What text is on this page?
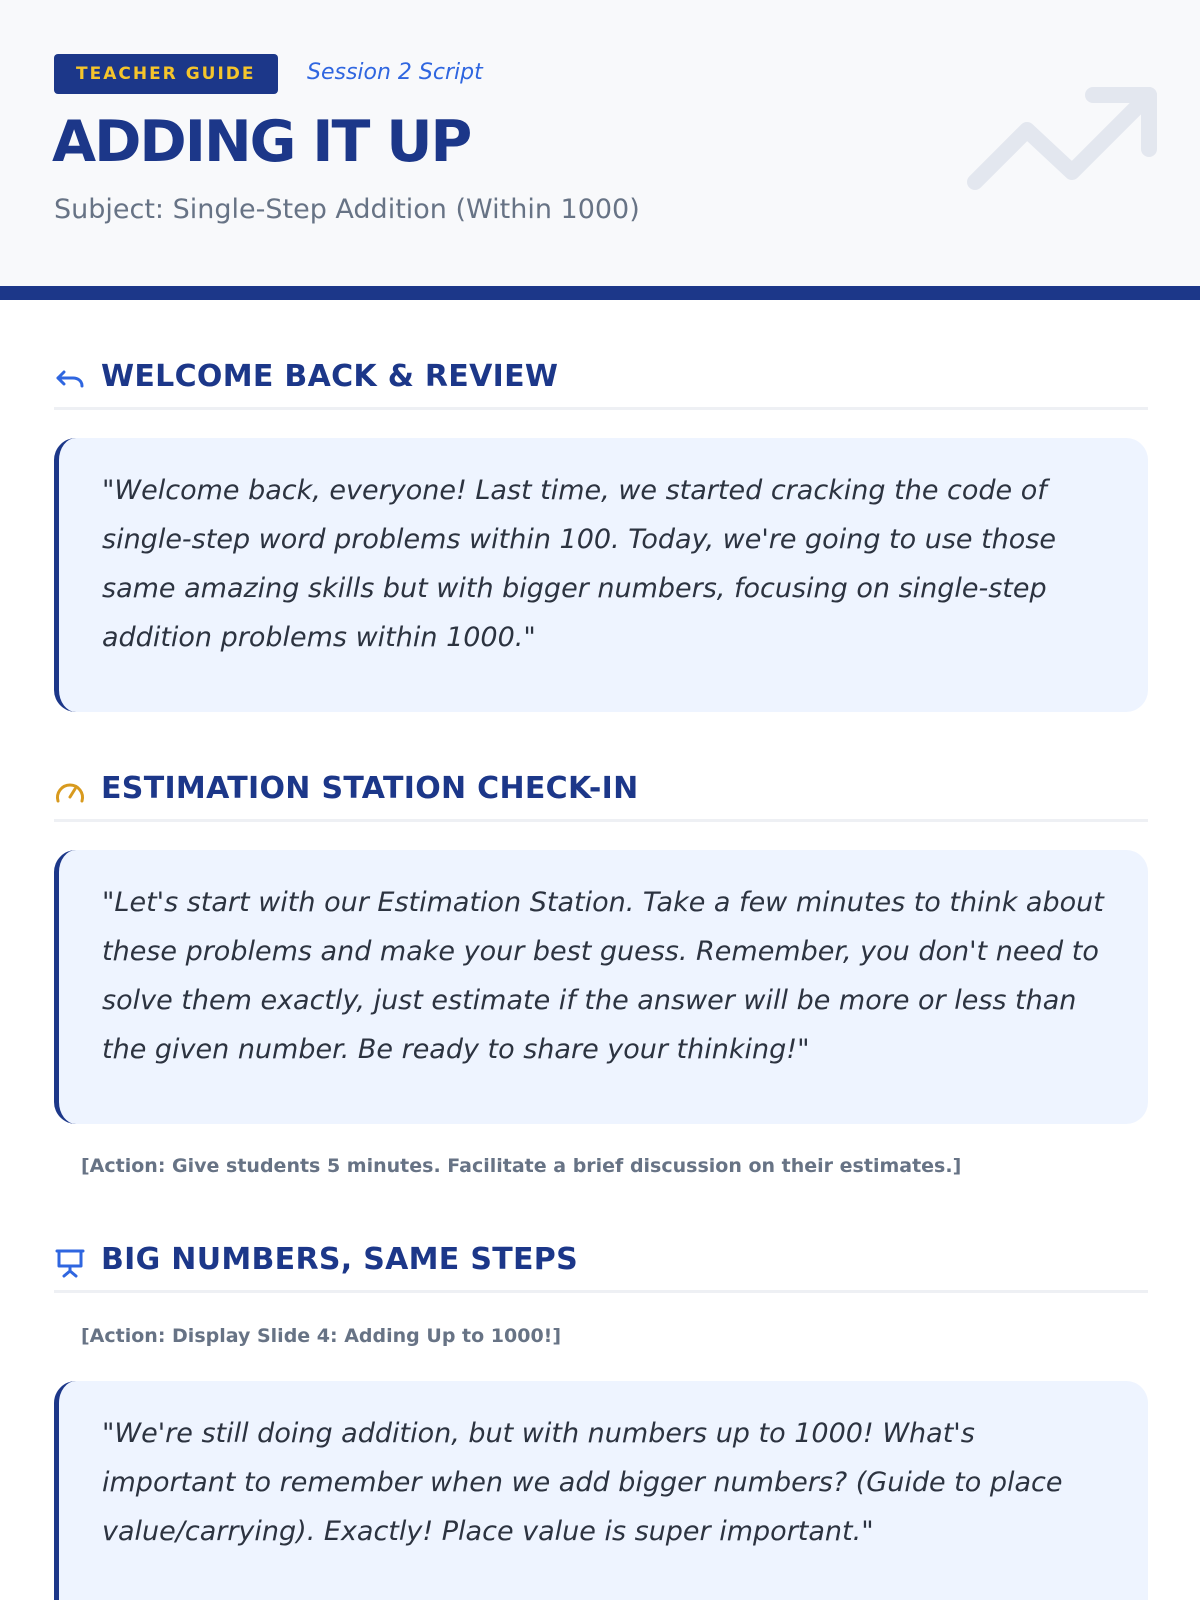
TEACHER GUIDE	Session 2 Script
ADDING IT UP
Subject: Single-Step Addition (Within 1000)
WELCOME BACK & REVIEW

"Welcome back, everyone! Last time, we started cracking the code of single-step word problems within 100. Today, we're going to use those same amazing skills but with bigger numbers, focusing on single-step addition problems within 1000."

ESTIMATION STATION CHECK-IN

"Let's start with our Estimation Station. Take a few minutes to think about these problems and make your best guess. Remember, you don't need to solve them exactly, just estimate if the answer will be more or less than the given number. Be ready to share your thinking!"

[Action: Give students 5 minutes. Facilitate a brief discussion on their estimates.]
BIG NUMBERS, SAME STEPS
[Action: Display Slide 4: Adding Up to 1000!]

"We're still doing addition, but with numbers up to 1000! What's important to remember when we add bigger numbers? (Guide to place value/carrying). Exactly! Place value is super important."
